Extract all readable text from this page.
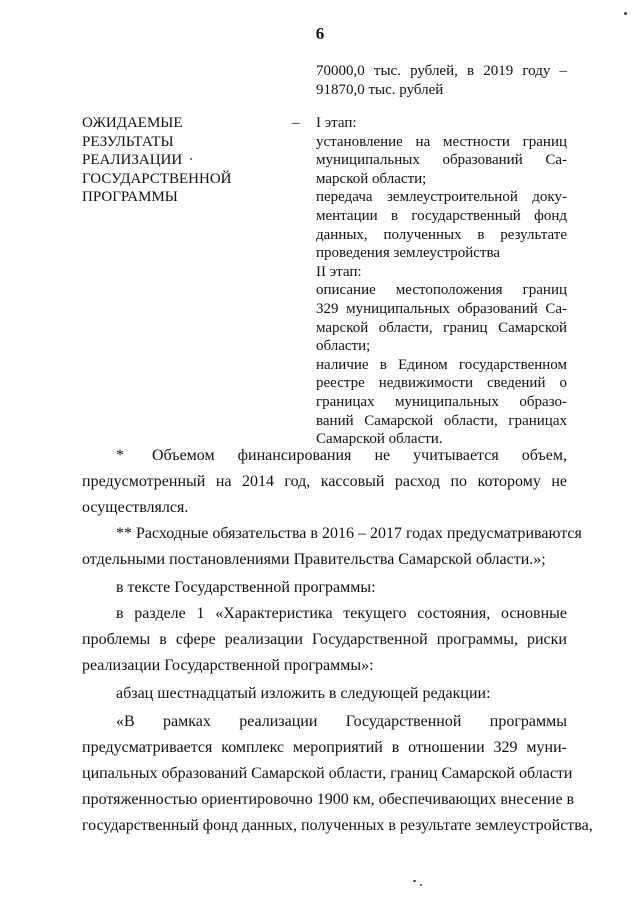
6
70000,0 тыс. рублей, в 2019 году –
91870,0 тыс. рублей
ОЖИДАЕМЫЕ
РЕЗУЛЬТАТЫ
РЕАЛИЗАЦИИ
ГОСУДАРСТВЕННОЙ
ПРОГРАММЫ
– I этап:
установление на местности границ
муниципальных образований Са-
марской области;
передача землеустроительной доку-
ментации в государственный фонд
данных, полученных в результате
проведения землеустройства
II этап:
описание местоположения границ
329 муниципальных образований Са-
марской области, границ Самарской
области;
наличие в Едином государственном
реестре недвижимости сведений о
границах муниципальных образо-
ваний Самарской области, границах
Самарской области.
* Объемом финансирования не учитывается объем,
предусмотренный на 2014 год, кассовый расход по которому не
осуществлялся.
** Расходные обязательства в 2016 – 2017 годах предусматриваются
отдельными постановлениями Правительства Самарской области.»;
в тексте Государственной программы:
в разделе 1 «Характеристика текущего состояния, основные
проблемы в сфере реализации Государственной программы, риски
реализации Государственной программы»:
абзац шестнадцатый изложить в следующей редакции:
«В рамках реализации Государственной программы
предусматривается комплекс мероприятий в отношении 329 муни-
ципальных образований Самарской области, границ Самарской области
протяженностью ориентировочно 1900 км, обеспечивающих внесение в
государственный фонд данных, полученных в результате землеустройства,
